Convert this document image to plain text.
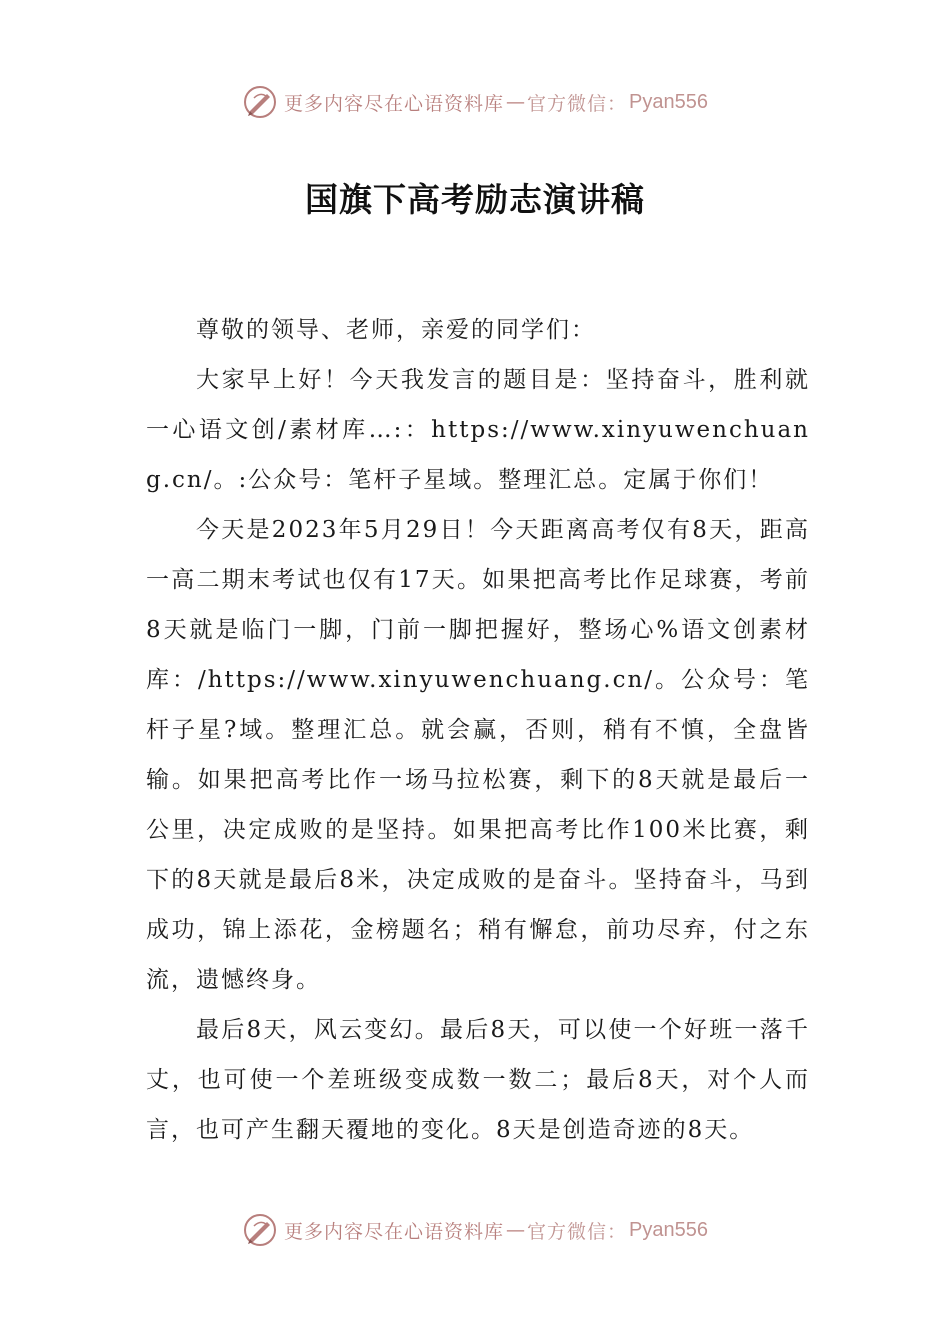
更多内容尽在心语资料库 — 官方微信： Pyan556
国旗下高考励志演讲稿

尊敬的领导、老师，亲爱的同学们：

大家早上好！今天我发言的题目是：坚持奋斗，胜利就一心语文创/素材库…:：https://www.xinyuwenchuang.cn/。:公众号：笔杆子星域。整理汇总。定属于你们！

今天是2023年5月29日！今天距离高考仅有8天，距高一高二期末考试也仅有17天。如果把高考比作足球赛，考前8天就是临门一脚，门前一脚把握好，整场心%语文创素材库：/https://www.xinyuwenchuang.cn/。公众号：笔杆子星?域。整理汇总。就会赢，否则，稍有不慎，全盘皆输。如果把高考比作一场马拉松赛，剩下的8天就是最后一公里，决定成败的是坚持。如果把高考比作100米比赛，剩下的8天就是最后8米，决定成败的是奋斗。坚持奋斗，马到成功，锦上添花，金榜题名；稍有懈怠，前功尽弃，付之东流，遗憾终身。

最后8天，风云变幻。最后8天，可以使一个好班一落千丈，也可使一个差班级变成数一数二；最后8天，对个人而言，也可产生翻天覆地的变化。8天是创造奇迹的8天。

更多内容尽在心语资料库 — 官方微信： Pyan556
